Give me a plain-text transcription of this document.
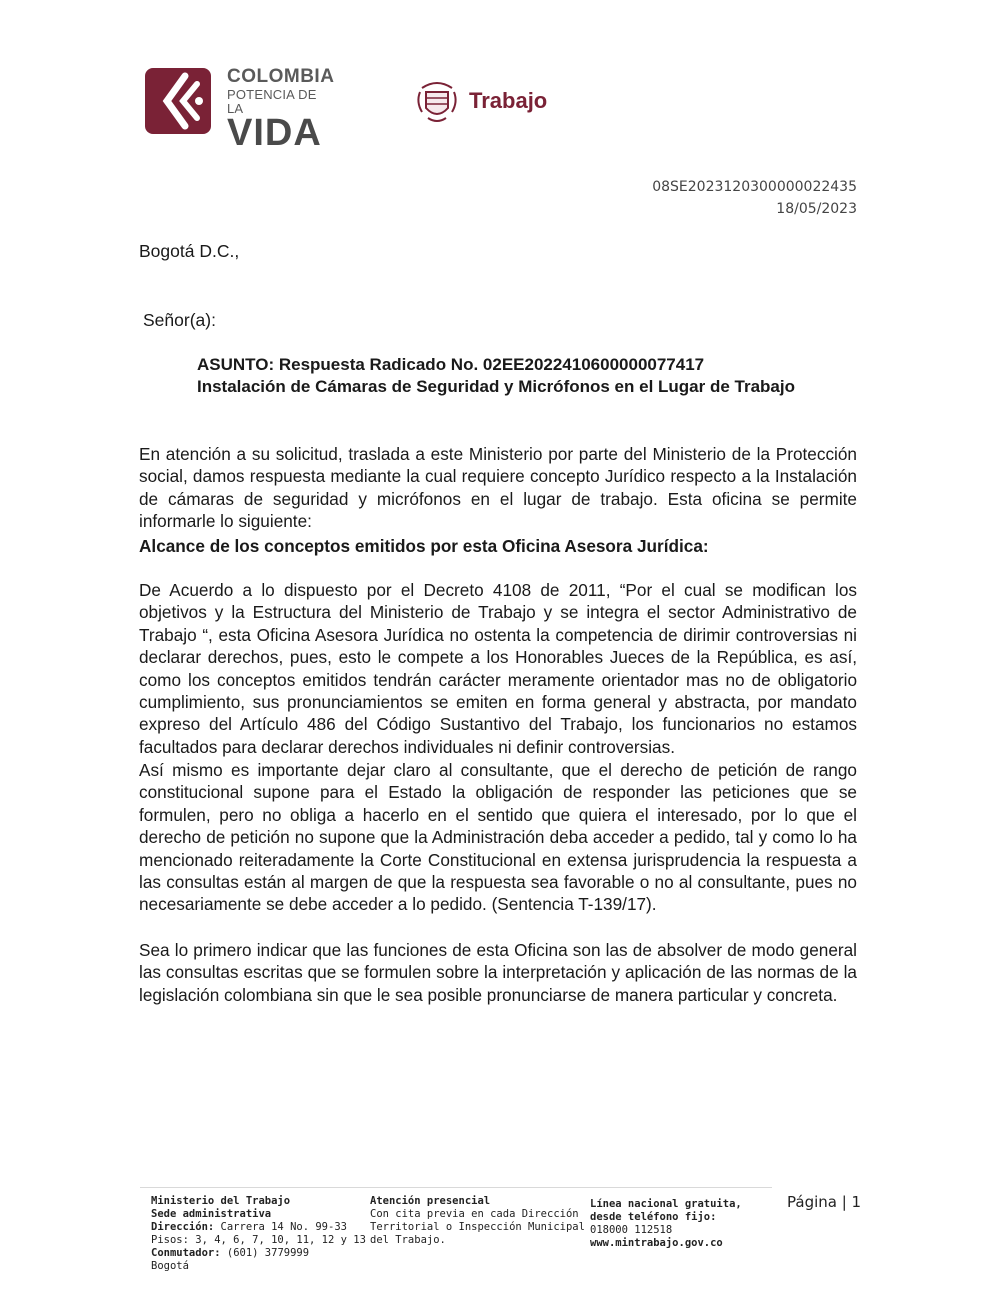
COLOMBIA
POTENCIA DE LA
VIDA
Trabajo
08SE2023120300000022435
18/05/2023
Bogotá D.C.,
Señor(a):
ASUNTO: Respuesta Radicado No. 02EE2022410600000077417
Instalación de Cámaras de Seguridad y Micrófonos en el Lugar de Trabajo
En atención a su solicitud, traslada a este Ministerio por parte del Ministerio de la Protección social, damos respuesta mediante la cual requiere concepto Jurídico respecto a la Instalación de cámaras de seguridad y micrófonos en el lugar de trabajo. Esta oficina se permite informarle lo siguiente:
Alcance de los conceptos emitidos por esta Oficina Asesora Jurídica:
De Acuerdo a lo dispuesto por el Decreto 4108 de 2011, “Por el cual se modifican los objetivos y la Estructura del Ministerio de Trabajo y se integra el sector Administrativo de Trabajo “, esta Oficina Asesora Jurídica no ostenta la competencia de dirimir controversias ni declarar derechos, pues, esto le compete a los Honorables Jueces de la República, es así, como los conceptos emitidos tendrán carácter meramente orientador mas no de obligatorio cumplimiento, sus pronunciamientos se emiten en forma general y abstracta, por mandato expreso del Artículo 486 del Código Sustantivo del Trabajo, los funcionarios no estamos facultados para declarar derechos individuales ni definir controversias.
Así mismo es importante dejar claro al consultante, que el derecho de petición de rango constitucional supone para el Estado la obligación de responder las peticiones que se formulen, pero no obliga a hacerlo en el sentido que quiera el interesado, por lo que el derecho de petición no supone que la Administración deba acceder a pedido, tal y como lo ha mencionado reiteradamente la Corte Constitucional en extensa jurisprudencia la respuesta a las consultas están al margen de que la respuesta sea favorable o no al consultante, pues no necesariamente se debe acceder a lo pedido. (Sentencia T-139/17).
Sea lo primero indicar que las funciones de esta Oficina son las de absolver de modo general las consultas escritas que se formulen sobre la interpretación y aplicación de las normas de la legislación colombiana sin que le sea posible pronunciarse de manera particular y concreta.
Ministerio del Trabajo
Sede administrativa
Dirección: Carrera 14 No. 99-33
Pisos: 3, 4, 6, 7, 10, 11, 12 y 13
Conmutador: (601) 3779999
Bogotá
Atención presencial
Con cita previa en cada Dirección
Territorial o Inspección Municipal
del Trabajo.
Línea nacional gratuita,
desde teléfono fijo:
018000 112518
www.mintrabajo.gov.co
Página | 1
